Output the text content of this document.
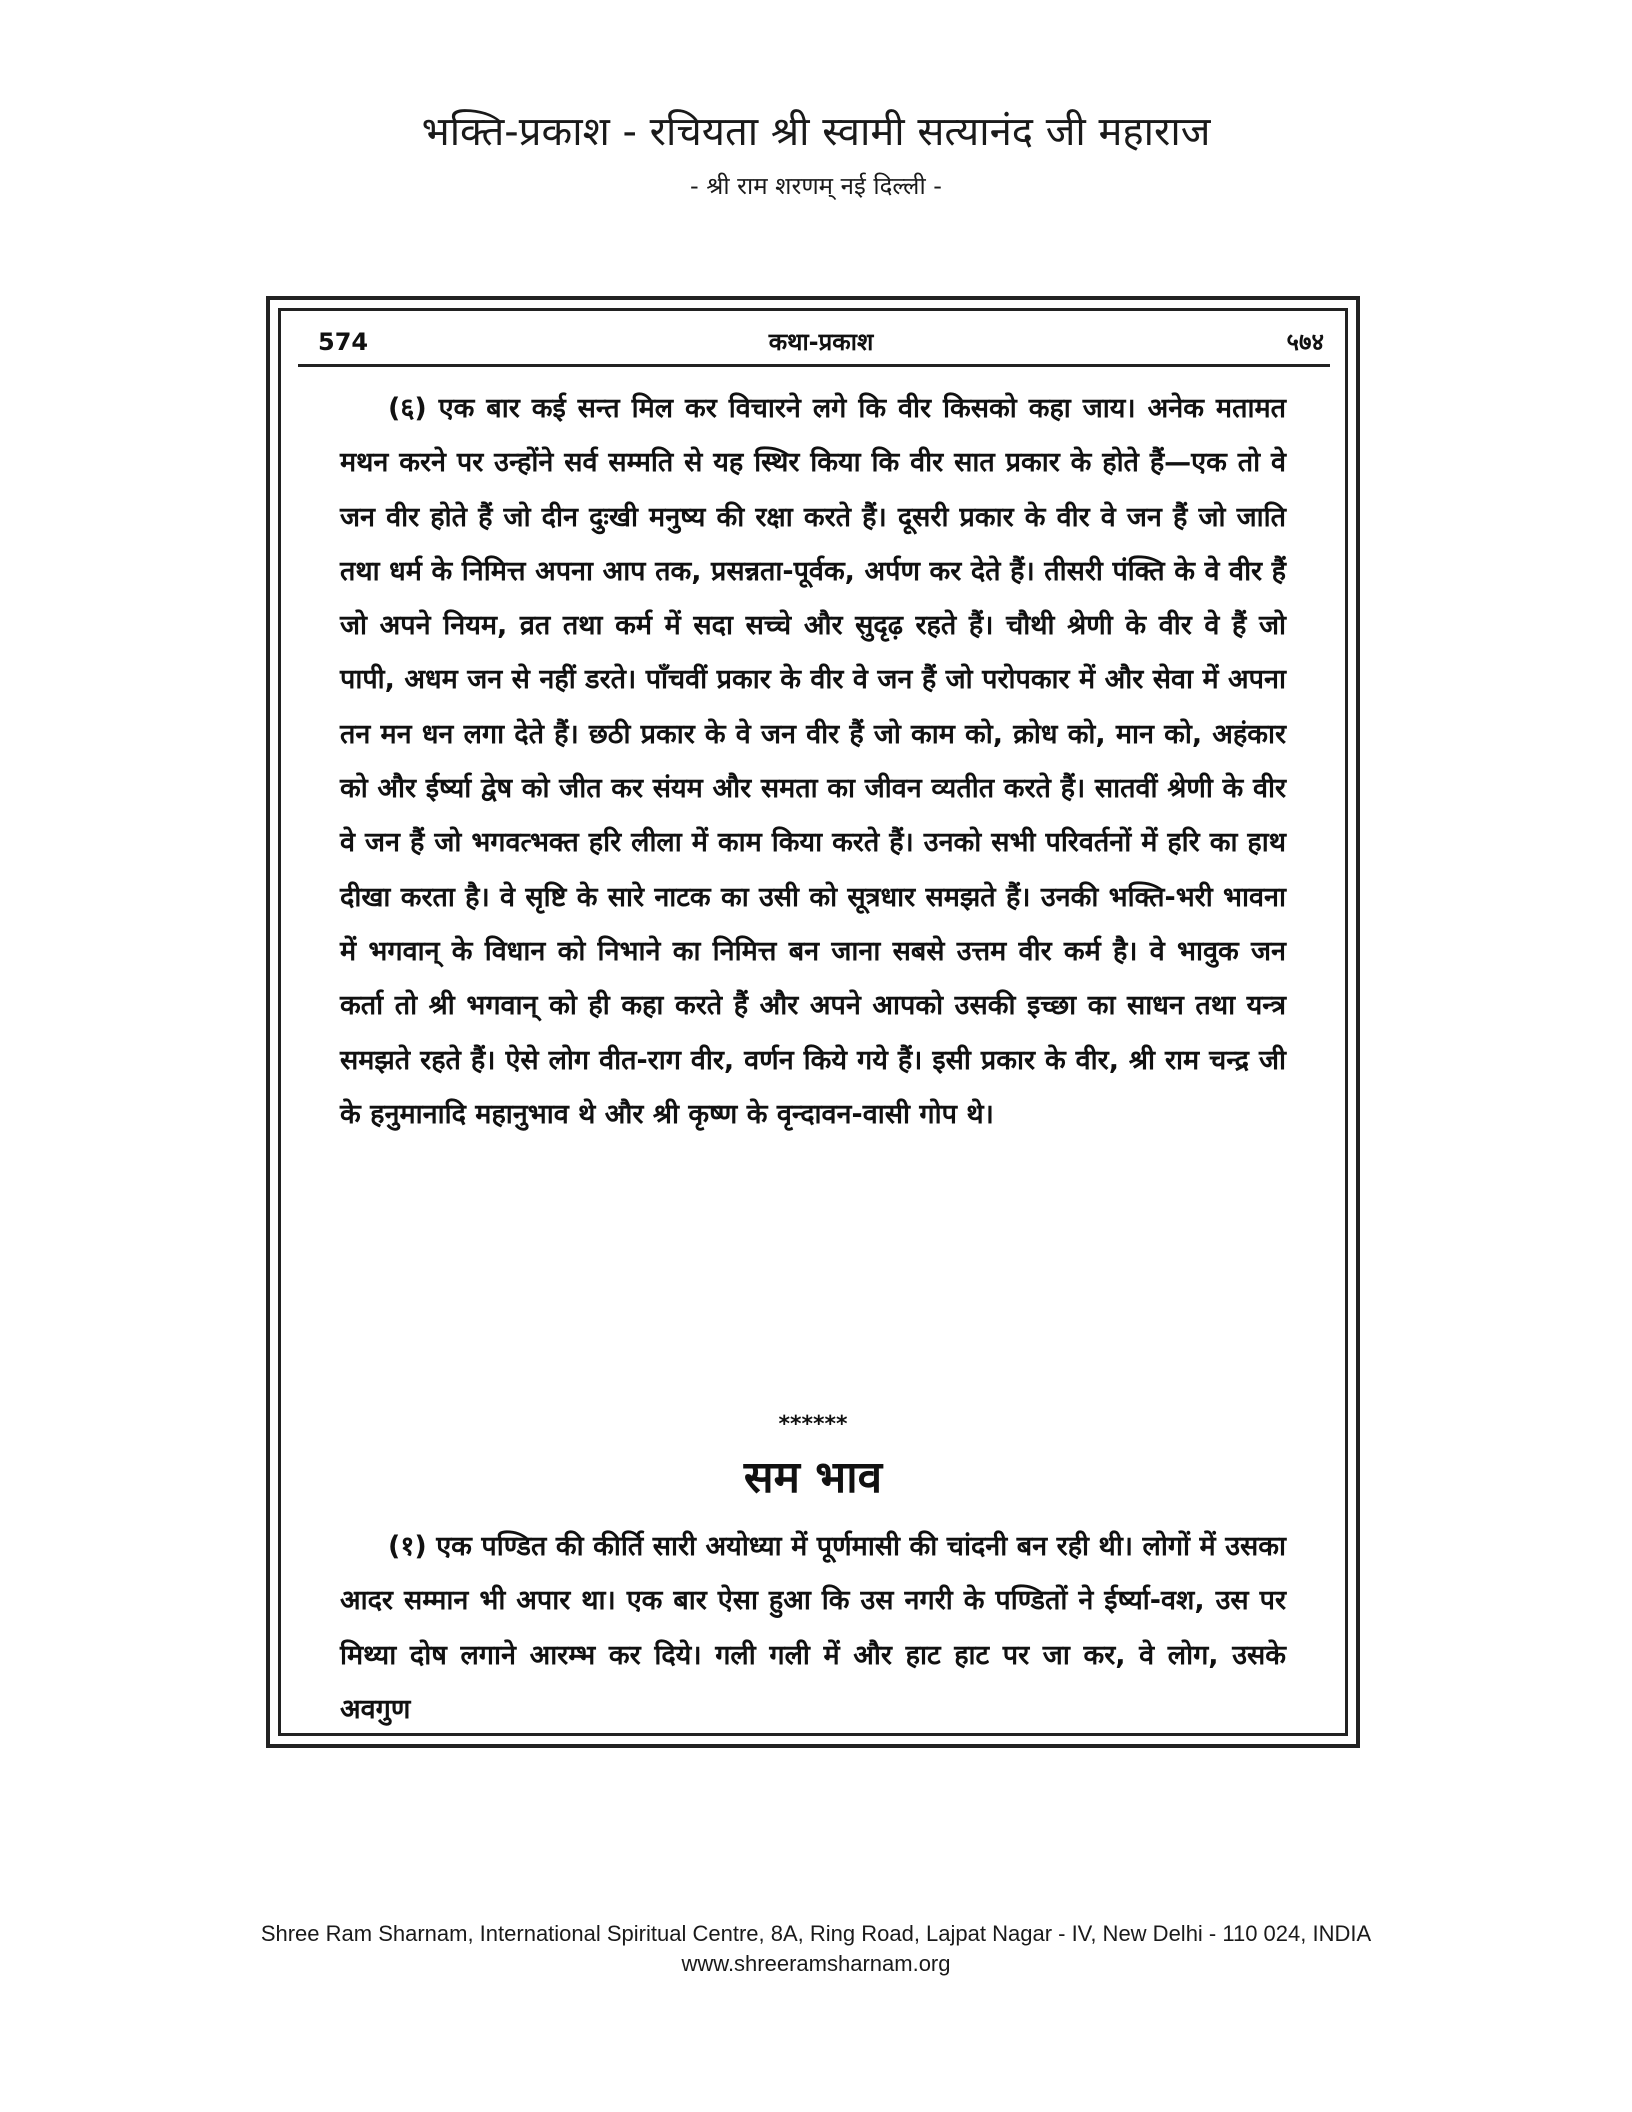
भक्ति-प्रकाश - रचियता श्री स्वामी सत्यानंद जी महाराज
- श्री राम शरणम् नई दिल्ली -
574	कथा-प्रकाश	५७४

(६) एक बार कई सन्त मिल कर विचारने लगे कि वीर किसको कहा जाय। अनेक मतामत मथन करने पर उन्होंने सर्व सम्मति से यह स्थिर किया कि वीर सात प्रकार के होते हैं—एक तो वे जन वीर होते हैं जो दीन दुःखी मनुष्य की रक्षा करते हैं। दूसरी प्रकार के वीर वे जन हैं जो जाति तथा धर्म के निमित्त अपना आप तक, प्रसन्नता-पूर्वक, अर्पण कर देते हैं। तीसरी पंक्ति के वे वीर हैं जो अपने नियम, व्रत तथा कर्म में सदा सच्चे और सुदृढ़ रहते हैं। चौथी श्रेणी के वीर वे हैं जो पापी, अधम जन से नहीं डरते। पाँचवीं प्रकार के वीर वे जन हैं जो परोपकार में और सेवा में अपना तन मन धन लगा देते हैं। छठी प्रकार के वे जन वीर हैं जो काम को, क्रोध को, मान को, अहंकार को और ईर्ष्या द्वेष को जीत कर संयम और समता का जीवन व्यतीत करते हैं। सातवीं श्रेणी के वीर वे जन हैं जो भगवत्भक्त हरि लीला में काम किया करते हैं। उनको सभी परिवर्तनों में हरि का हाथ दीखा करता है। वे सृष्टि के सारे नाटक का उसी को सूत्रधार समझते हैं। उनकी भक्ति-भरी भावना में भगवान् के विधान को निभाने का निमित्त बन जाना सबसे उत्तम वीर कर्म है। वे भावुक जन कर्ता तो श्री भगवान् को ही कहा करते हैं और अपने आपको उसकी इच्छा का साधन तथा यन्त्र समझते रहते हैं। ऐसे लोग वीत-राग वीर, वर्णन किये गये हैं। इसी प्रकार के वीर, श्री राम चन्द्र जी के हनुमानादि महानुभाव थे और श्री कृष्ण के वृन्दावन-वासी गोप थे।

******
सम भाव

(१) एक पण्डित की कीर्ति सारी अयोध्या में पूर्णमासी की चांदनी बन रही थी। लोगों में उसका आदर सम्मान भी अपार था। एक बार ऐसा हुआ कि उस नगरी के पण्डितों ने ईर्ष्या-वश, उस पर मिथ्या दोष लगाने आरम्भ कर दिये। गली गली में और हाट हाट पर जा कर, वे लोग, उसके अवगुण

Shree Ram Sharnam, International Spiritual Centre, 8A, Ring Road, Lajpat Nagar - IV, New Delhi - 110 024, INDIA
www.shreeramsharnam.org
